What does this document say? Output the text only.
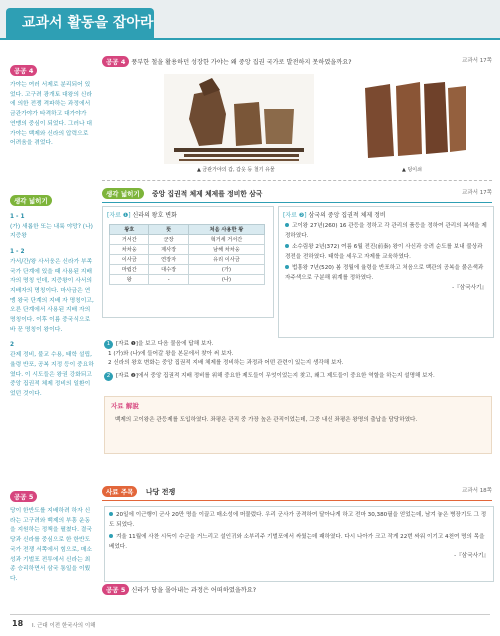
교과서 활동을 잡아라
공공 4
가야는 여러 서제로 분리되어 있었다. 고구려 광개토 대왕의 신라에 의한 전쟁 격파하는 과정에서 금관가야가 타격하고 대가야가 연맹의 중심이 되었다. 그러나 대가야는 백제와 신라의 압력으로 어려움을 겪었다.
생각 넓히기
1 - 1
(가) 새롭한 또는 내륙 야망? (나) 지증왕
1 - 2
가서/간/왕 사서웅은 신라가 부족 국가 단계에 있을 때 사용된 지배자의 명칭 인데, 지증왕이 사서의 지배자의 명칭이다. 마사금은 연맹 왕국 단계의 지배 자 명칭이고, 오른 단계에서 사용된 지배 자의 명칭이다. 이후 이름 중국식으로 바 꾼 명칭이 왕이다.
2
관제 정비, 불교 수용, 태학 설립, 율령 반포, 공복 지정 등이 중요하였다. 이 시도들은 왕권 강화되고 중앙 집권적 체제 정비의 일환이었던 것이다.
공공 5
당이 한반도를 지배하려 하자 신라는 고구려와 백제의 부흥 운동을 지원하는 정책을 펼쳤다. 결국 당과 신라를 중심으로 한 한반도 국가 전쟁 서쪽에서 힘으로, 매소성과 기벌포 전투에서 신라는 최종 승리하면서 삼국 통일을 이뤘다.
공공 4 풍부한 철을 활용하던 성장한 가야는 왜 중앙 집권 국가로 발전하지 못하였을까요?	교과서 17쪽
▲ 금관가야의 갑, 갑옷 등 철기 유물	▲ 덩이쇠
생각 넓히기 중앙 집권적 체제 체제를 정비한 삼국	교과서 17쪽
[자료 ❶] 신라의 왕호 변화
왕호	뜻	처음 사용한 왕
거서간	군장	혁거세 거서간
차차웅	제사장	남해 차차웅
이사금	연장자	유리 이사금
마립간	대수장	(가)
왕	-	(나)
[자료 ❷] 삼국의 중앙 집권적 체제 정비
고이왕 27년(260) 16 관등을 정하고 각 관리의 품등을 정하여 관리의 복색을 제정하였다.
소수림왕 2년(372) 여름 6월 전진(前秦) 왕이 사신과 승려 순도를 보내 불상과 경전을 전하였다. 태학을 세우고 자제를 교육하였다.
법흥왕 7년(520) 봄 정월에 율령을 반포하고 처음으로 백관의 공복을 붉은색과 자주색으로 구분해 위계를 정하였다.
-『삼국사기』
1 [자료 ❶]을 보고 다음 물음에 답해 보자.
1 (가)와 (나)에 들어갈 왕을 본문에서 찾아 써 보자.
2 신라의 왕호 변화는 중앙 집권적 지배 체제를 정비하는 과정과 어떤 관련이 있는지 생각해 보자.
2 [자료 ❷]에서 중앙 집권적 지배 정비를 위해 중요한 제도들이 무엇이었는지 찾고, 왜그 제도들이 중요한 역할을 하는지 설명해 보자.
자료 解說
백제의 고이왕은 관등제를 도입하였다. 좌평은 관직 중 가장 높은 관직이었는데, 그중 내신 좌평은 왕명의 출납을 담당하였다.
사료 주목 나당 전쟁	교과서 18쪽
20일에 이근행이 군사 20만 명을 이끌고 매소성에 머물렀다. 우리 군사가 공격하여 달아나게 하고 전마 30,380필을 얻었는데, 남겨 놓은 병장기도 그 정도 되었다.
겨울 11월에 사찬 시득이 수군을 거느리고 설인귀와 소부리주 기벌포에서 싸웠는데 패하였다. 다시 나아가 크고 작게 22번 싸워 이기고 4천여 명의 목을 베었다.
-『삼국사기』
공공 5 신라가 당을 몰아내는 과정은 어떠하였을까요?
18 Ⅰ. 근대 이전 한국사의 이해
